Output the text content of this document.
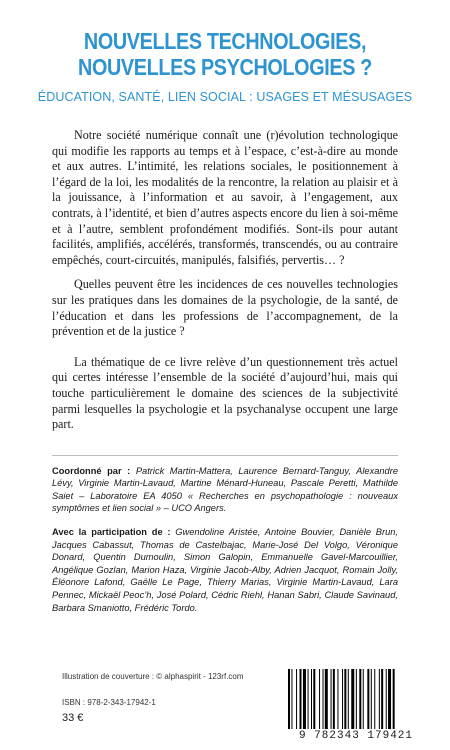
NOUVELLES TECHNOLOGIES,
NOUVELLES PSYCHOLOGIES ?
ÉDUCATION, SANTÉ, LIEN SOCIAL : USAGES ET MÉSUSAGES

Notre société numérique connaît une (r)évolution technologique qui modifie les rapports au temps et à l’espace, c’est-à-dire au monde et aux autres. L’intimité, les relations sociales, le positionnement à l’égard de la loi, les modalités de la rencontre, la relation au plaisir et à la jouissance, à l’information et au savoir, à l’engagement, aux contrats, à l’identité, et bien d’autres aspects encore du lien à soi-même et à l’autre, semblent profondément modifiés. Sont-ils pour autant facilités, amplifiés, accélérés, transformés, transcendés, ou au contraire empêchés, court-circuités, manipulés, falsifiés, pervertis… ?

Quelles peuvent être les incidences de ces nouvelles technologies sur les pratiques dans les domaines de la psychologie, de la santé, de l’éducation et dans les professions de l’accompagnement, de la prévention et de la justice ?

La thématique de ce livre relève d’un questionnement très actuel qui certes intéresse l’ensemble de la société d’aujourd’hui, mais qui touche particulièrement le domaine des sciences de la subjectivité parmi lesquelles la psychologie et la psychanalyse occupent une large part.

Coordonné par : Patrick Martin-Mattera, Laurence Bernard-Tanguy, Alexandre Lévy, Virginie Martin-Lavaud, Martine Ménard-Huneau, Pascale Peretti, Mathilde Saiet – Laboratoire EA 4050 « Recherches en psychopathologie : nouveaux symptômes et lien social » – UCO Angers.
Avec la participation de : Gwendoline Aristée, Antoine Bouvier, Danièle Brun, Jacques Cabassut, Thomas de Castelbajac, Marie-José Del Volgo, Véronique Donard, Quentin Dumoulin, Simon Galopin, Emmanuelle Gavel-Marcouillier, Angélique Gozlan, Marion Haza, Virginie Jacob-Alby, Adrien Jacquot, Romain Jolly, Éléonore Lafond, Gaëlle Le Page, Thierry Marias, Virginie Martin-Lavaud, Lara Pennec, Mickaël Peoc’h, José Polard, Cédric Riehl, Hanan Sabri, Claude Savinaud, Barbara Smaniotto, Frédéric Tordo.
Illustration de couverture : © alphaspirit - 123rf.com
ISBN : 978-2-343-17942-1
33 €
9 782343 179421
